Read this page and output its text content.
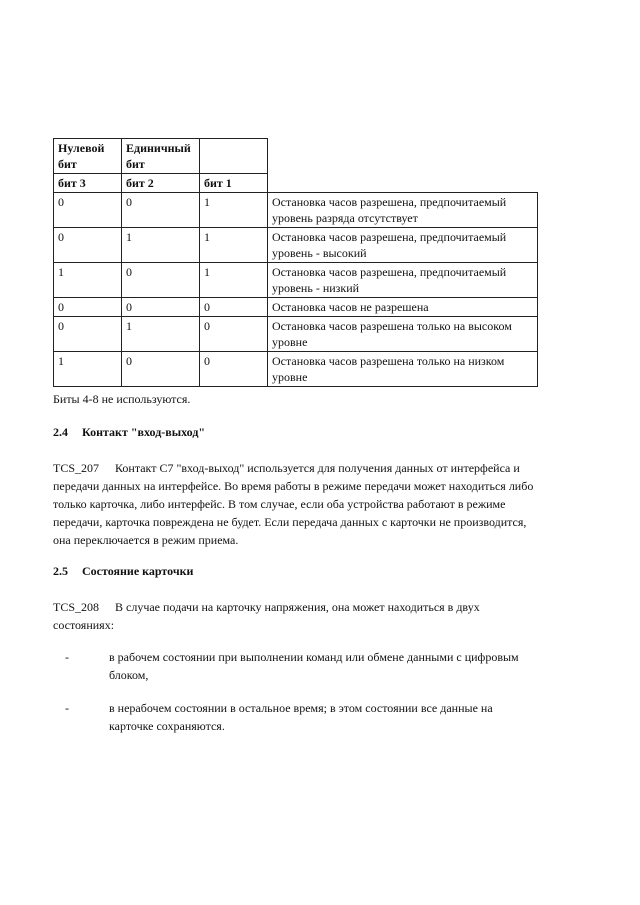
Нулевой бит	Единичный бит		
бит 3	бит 2	бит 1	
0	0	1	Остановка часов разрешена, предпочитаемый уровень разряда отсутствует
0	1	1	Остановка часов разрешена, предпочитаемый уровень - высокий
1	0	1	Остановка часов разрешена, предпочитаемый уровень - низкий
0	0	0	Остановка часов не разрешена
0	1	0	Остановка часов разрешена только на высоком уровне
1	0	0	Остановка часов разрешена только на низком уровне
Биты 4-8 не используются.
2.4 Контакт "вход-выход"
TCS_207	Контакт С7 "вход-выход" используется для получения данных от интерфейса и передачи данных на интерфейсе. Во время работы в режиме передачи может находиться либо только карточка, либо интерфейс. В том случае, если оба устройства работают в режиме передачи, карточка повреждена не будет. Если передача данных с карточки не производится, она переключается в режим приема.
2.5 Состояние карточки
TCS_208	В случае подачи на карточку напряжения, она может находиться в двух состояниях:
-	в рабочем состоянии при выполнении команд или обмене данными с цифровым блоком,
-	в нерабочем состоянии в остальное время; в этом состоянии все данные на карточке сохраняются.
